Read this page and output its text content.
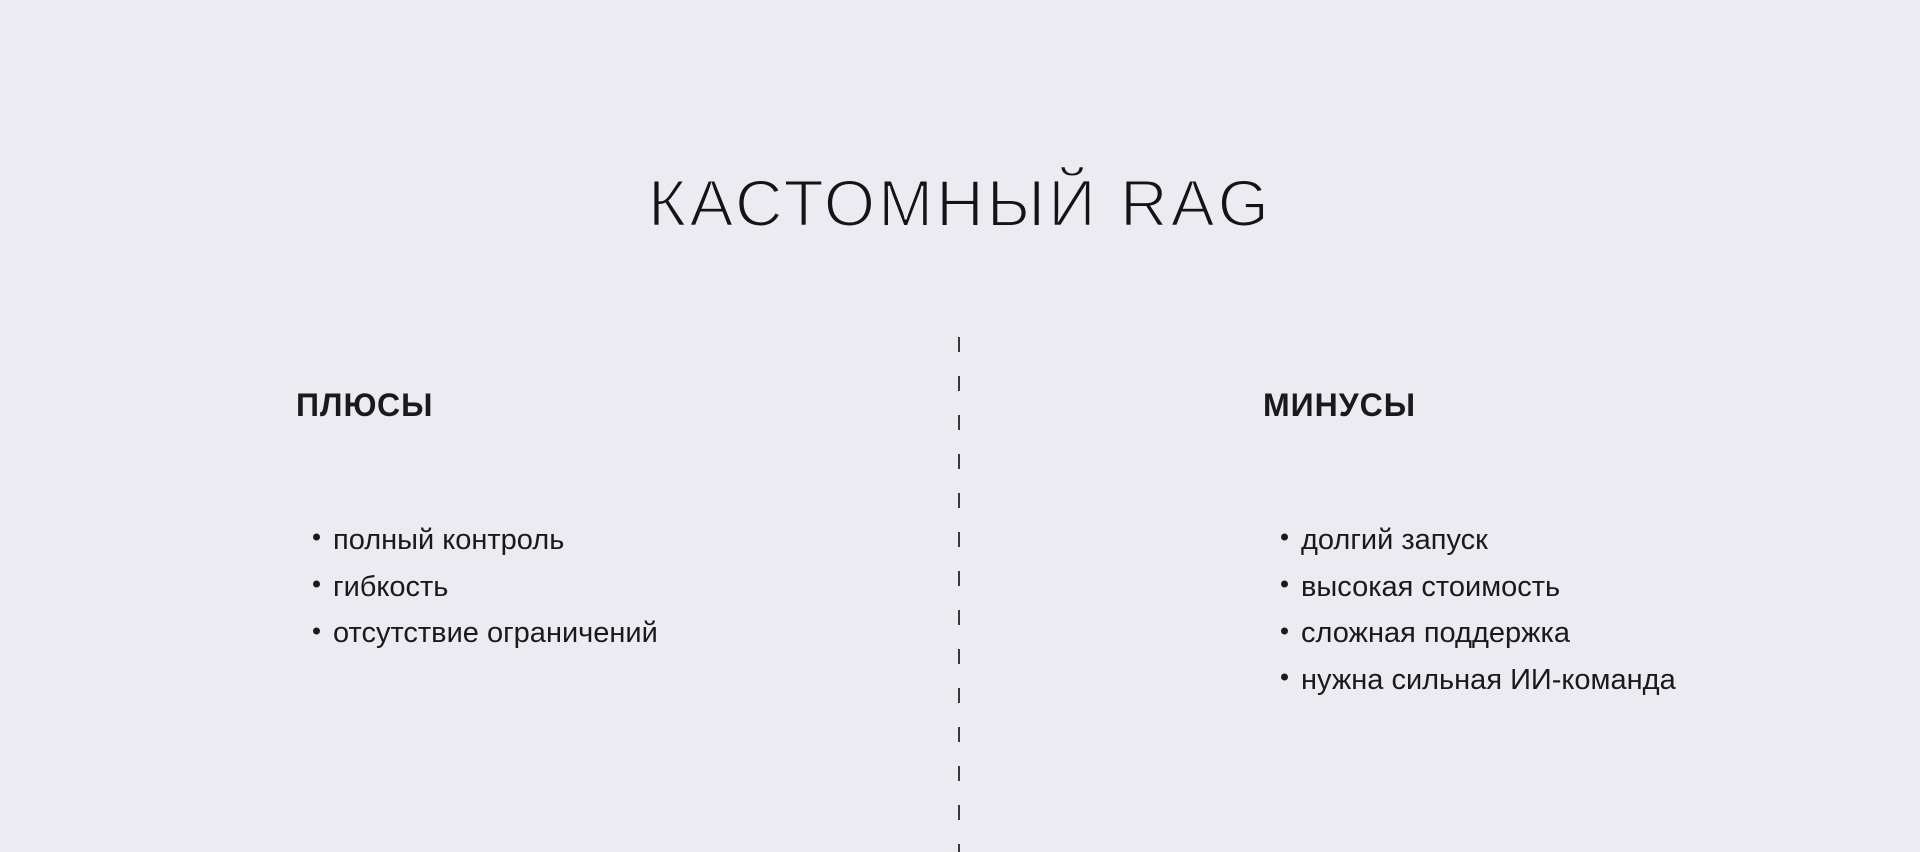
КАСТОМНЫЙ RAG
ПЛЮСЫ	МИНУСЫ
полный контроль
гибкость
отсутствие ограничений
долгий запуск
высокая стоимость
сложная поддержка
нужна сильная ИИ-команда
